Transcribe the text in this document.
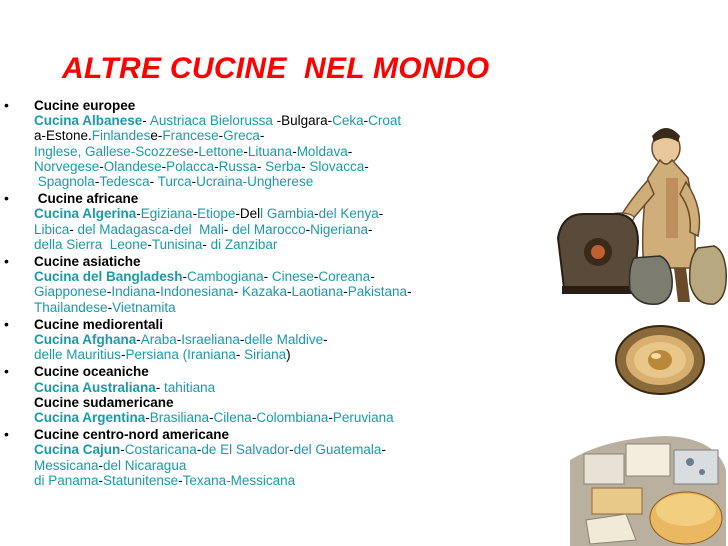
ALTRE CUCINE  NEL MONDO
• Cucine europee
Cucina Albanese- Austriaca Bielorussa -Bulgara-Ceka-Croat
a-Estone.Finlandese-Francese-Greca-
Inglese, Gallese-Scozzese-Lettone-Lituana-Moldava-
Norvegese-Olandese-Polacca-Russa- Serba- Slovacca-
Spagnola-Tedesca- Turca-Ucraina-Ungherese
• Cucine africane
Cucina Algerina-Egiziana-Etiope-Dell Gambia-del Kenya-
Libica- del Madagasca-del  Mali- del Marocco-Nigeriana-
della Sierra  Leone-Tunisina- di Zanzibar
• Cucine asiatiche
Cucina del Bangladesh-Cambogiana- Cinese-Coreana-
Giapponese-Indiana-Indonesiana- Kazaka-Laotiana-Pakistana-
Thailandese-Vietnamita
• Cucine mediorentali
Cucina Afghana-Araba-Israeliana-delle Maldive-
delle Mauritius-Persiana (Iraniana- Siriana)
• Cucine oceaniche
Cucina Australiana- tahitiana
Cucine sudamericane
Cucina Argentina-Brasiliana-Cilena-Colombiana-Peruviana
• Cucine centro-nord americane
Cucina Cajun-Costaricana-de El Salvador-del Guatemala-
Messicana-del Nicaragua
di Panama-Statunitense-Texana-Messicana
